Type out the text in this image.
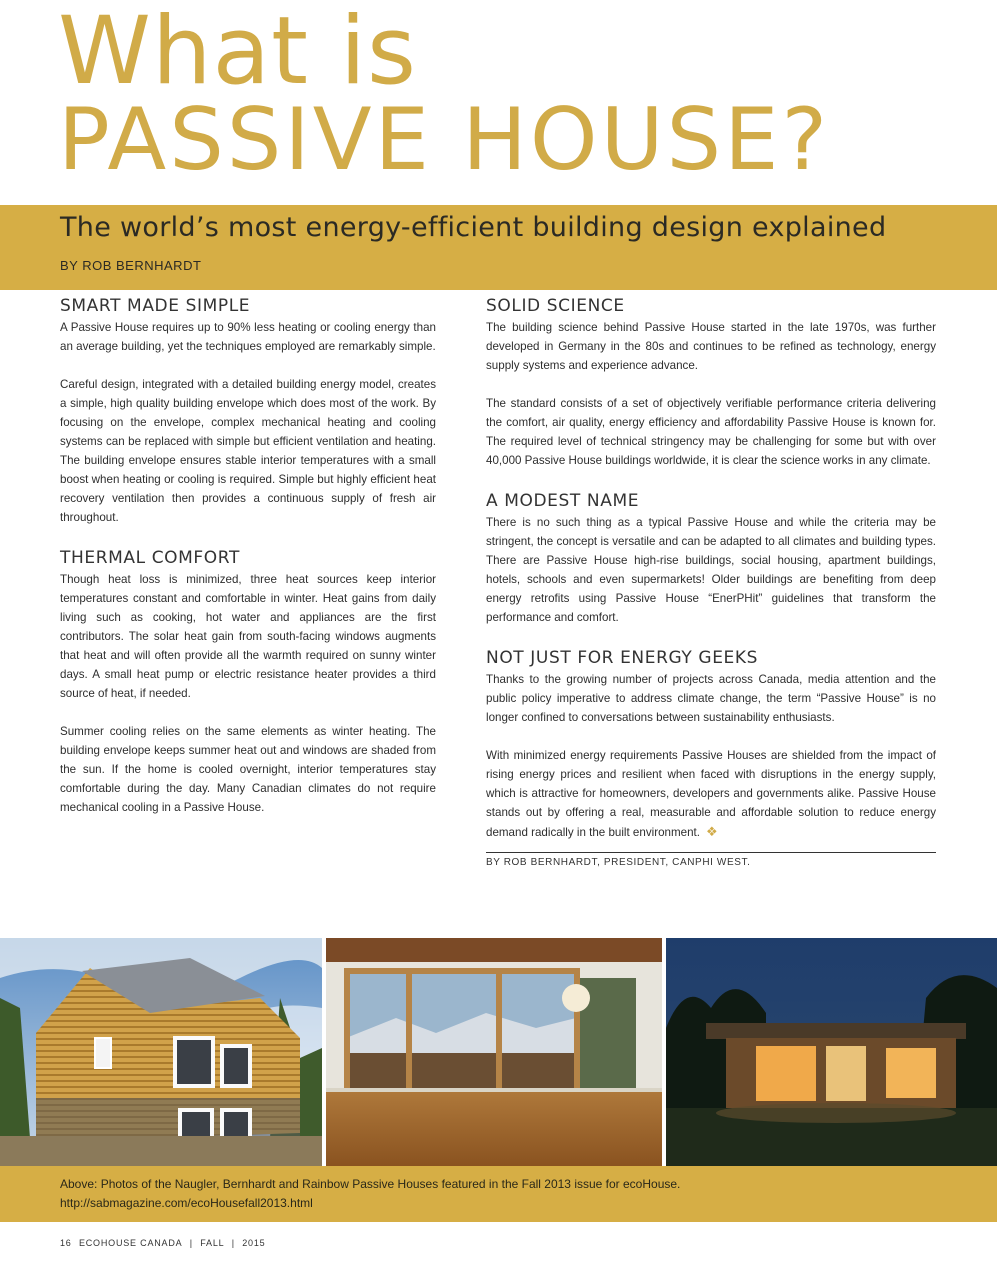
What is
PASSIVE HOUSE?
The world’s most energy-efficient building design explained
BY ROB BERNHARDT
SMART MADE SIMPLE

A Passive House requires up to 90% less heating or cooling energy than an average building, yet the techniques employed are remarkably simple.

Careful design, integrated with a detailed building energy model, creates a simple, high quality building envelope which does most of the work. By focusing on the envelope, complex mechanical heating and cooling systems can be replaced with simple but efficient ventilation and heating. The building envelope ensures stable interior temperatures with a small boost when heating or cooling is required. Simple but highly efficient heat recovery ventilation then provides a continuous supply of fresh air throughout.

THERMAL COMFORT

Though heat loss is minimized, three heat sources keep interior temperatures constant and comfortable in winter. Heat gains from daily living such as cooking, hot water and appliances are the first contributors. The solar heat gain from south-facing windows augments that heat and will often provide all the warmth required on sunny winter days. A small heat pump or electric resistance heater provides a third source of heat, if needed.

Summer cooling relies on the same elements as winter heating. The building envelope keeps summer heat out and windows are shaded from the sun. If the home is cooled overnight, interior temperatures stay comfortable during the day. Many Canadian climates do not require mechanical cooling in a Passive House.

SOLID SCIENCE

The building science behind Passive House started in the late 1970s, was further developed in Germany in the 80s and continues to be refined as technology, energy supply systems and experience advance.

The standard consists of a set of objectively verifiable performance criteria delivering the comfort, air quality, energy efficiency and affordability Passive House is known for. The required level of technical stringency may be challenging for some but with over 40,000 Passive House buildings worldwide, it is clear the science works in any climate.

A MODEST NAME

There is no such thing as a typical Passive House and while the criteria may be stringent, the concept is versatile and can be adapted to all climates and building types. There are Passive House high-rise buildings, social housing, apartment buildings, hotels, schools and even supermarkets! Older buildings are benefiting from deep energy retrofits using Passive House “EnerPHit” guidelines that transform the performance and comfort.

NOT JUST FOR ENERGY GEEKS

Thanks to the growing number of projects across Canada, media attention and the public policy imperative to address climate change, the term “Passive House” is no longer confined to conversations between sustainability enthusiasts.

With minimized energy requirements Passive Houses are shielded from the impact of rising energy prices and resilient when faced with disruptions in the energy supply, which is attractive for homeowners, developers and governments alike. Passive House stands out by offering a real, measurable and affordable solution to reduce energy demand radically in the built environment. ❖

BY ROB BERNHARDT, PRESIDENT, CANPHI WEST.
Above: Photos of the Naugler, Bernhardt and Rainbow Passive Houses featured in the Fall 2013 issue for ecoHouse.
http://sabmagazine.com/ecoHousefall2013.html
16 ECOHOUSE CANADA | FALL | 2015
